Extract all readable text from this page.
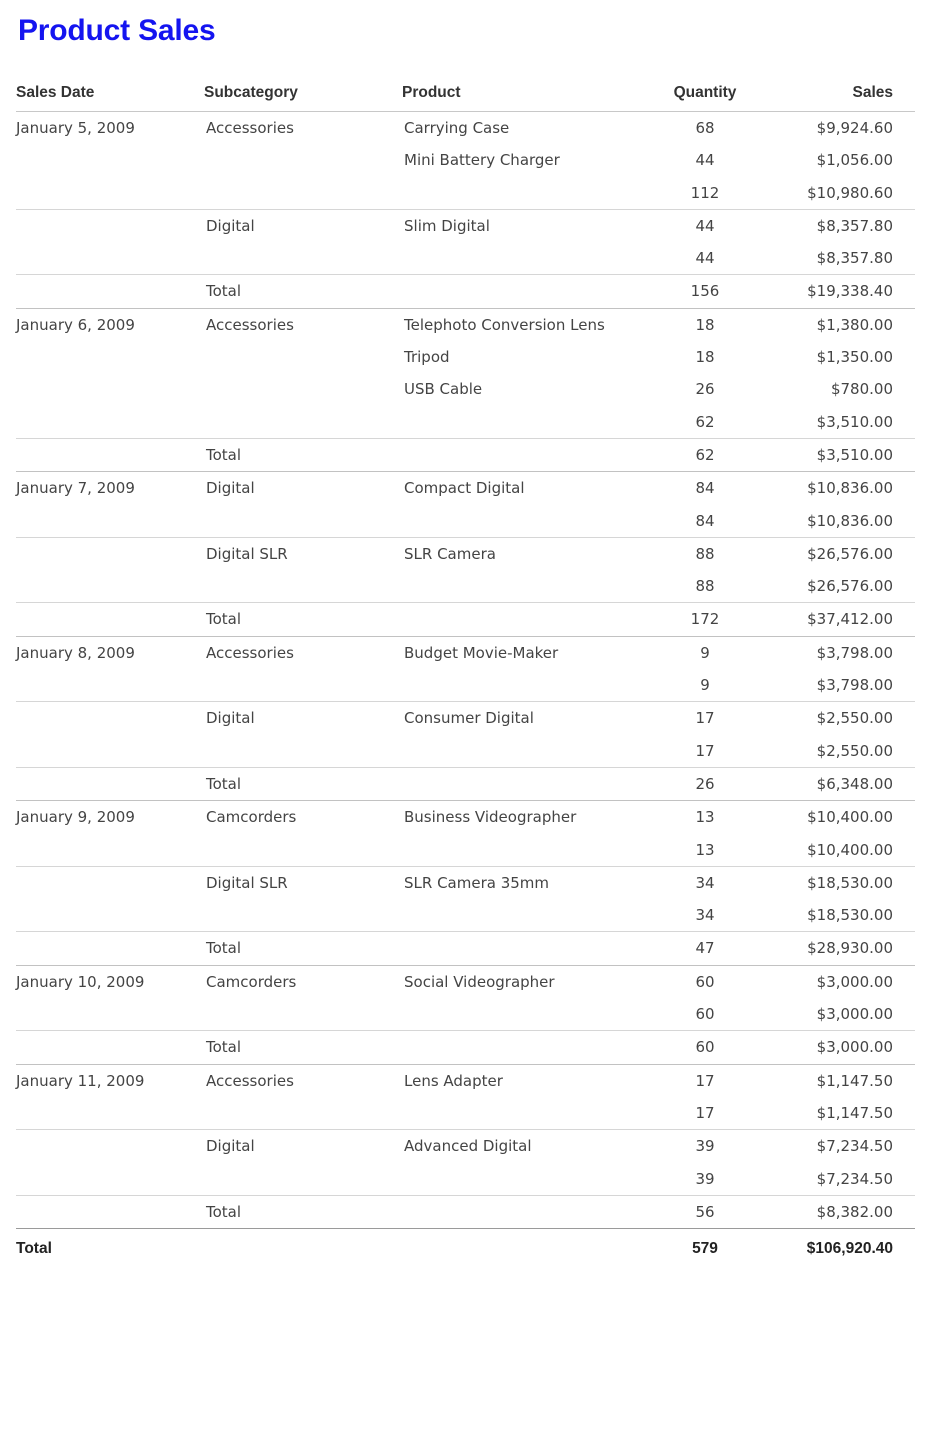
Product Sales
Sales Date	Subcategory	Product	Quantity	Sales
January 5, 2009	Accessories	Carrying Case	68	$9,924.60
		Mini Battery Charger	44	$1,056.00
			112	$10,980.60
	Digital	Slim Digital	44	$8,357.80
			44	$8,357.80
	Total		156	$19,338.40
January 6, 2009	Accessories	Telephoto Conversion Lens	18	$1,380.00
		Tripod	18	$1,350.00
		USB Cable	26	$780.00
			62	$3,510.00
	Total		62	$3,510.00
January 7, 2009	Digital	Compact Digital	84	$10,836.00
			84	$10,836.00
	Digital SLR	SLR Camera	88	$26,576.00
			88	$26,576.00
	Total		172	$37,412.00
January 8, 2009	Accessories	Budget Movie-Maker	9	$3,798.00
			9	$3,798.00
	Digital	Consumer Digital	17	$2,550.00
			17	$2,550.00
	Total		26	$6,348.00
January 9, 2009	Camcorders	Business Videographer	13	$10,400.00
			13	$10,400.00
	Digital SLR	SLR Camera 35mm	34	$18,530.00
			34	$18,530.00
	Total		47	$28,930.00
January 10, 2009	Camcorders	Social Videographer	60	$3,000.00
			60	$3,000.00
	Total		60	$3,000.00
January 11, 2009	Accessories	Lens Adapter	17	$1,147.50
			17	$1,147.50
	Digital	Advanced Digital	39	$7,234.50
			39	$7,234.50
	Total		56	$8,382.00
Total			579	$106,920.40
